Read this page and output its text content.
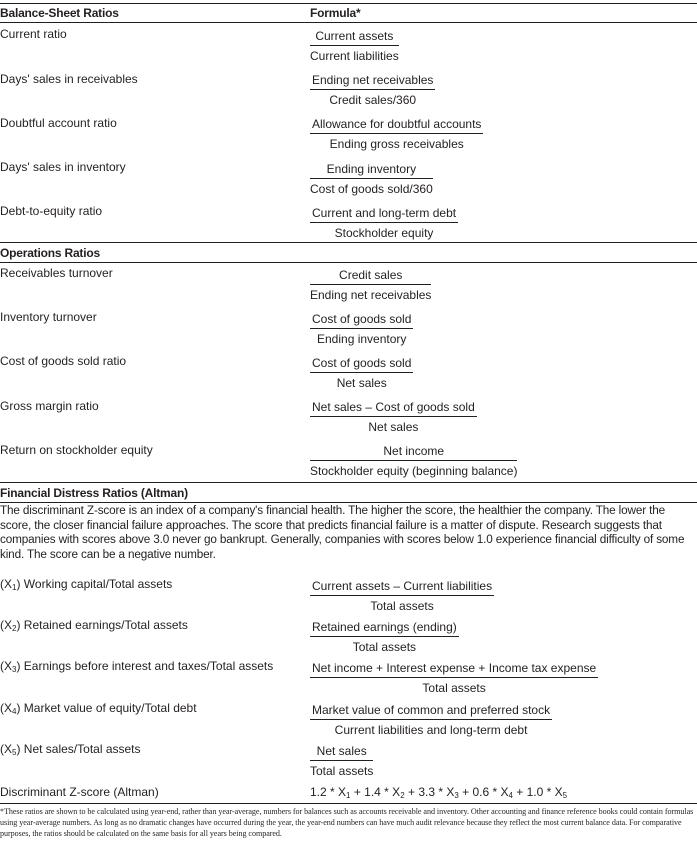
Balance-Sheet Ratios	Formula*
Current ratio	Current assets
Current liabilities
Days' sales in receivables	Ending net receivables
Credit sales/360
Doubtful account ratio	Allowance for doubtful accounts
Ending gross receivables
Days' sales in inventory	Ending inventory
Cost of goods sold/360
Debt-to-equity ratio	Current and long-term debt
Stockholder equity
Operations Ratios
Receivables turnover	Credit sales
Ending net receivables
Inventory turnover	Cost of goods sold
Ending inventory
Cost of goods sold ratio	Cost of goods sold
Net sales
Gross margin ratio	Net sales – Cost of goods sold
Net sales
Return on stockholder equity	Net income
Stockholder equity (beginning balance)
Financial Distress Ratios (Altman)
The discriminant Z-score is an index of a company's financial health. The higher the score, the healthier the company. The lower the score, the closer financial failure approaches. The score that predicts financial failure is a matter of dispute. Research suggests that companies with scores above 3.0 never go bankrupt. Generally, companies with scores below 1.0 experience financial difficulty of some kind. The score can be a negative number.
$(X_1)$ Working capital/Total assets	Current assets – Current liabilities
Total assets
$(X_2)$ Retained earnings/Total assets	Retained earnings (ending)
Total assets
$(X_3)$ Earnings before interest and taxes/Total assets	Net income + Interest expense + Income tax expense
Total assets
$(X_4)$ Market value of equity/Total debt	Market value of common and preferred stock
Current liabilities and long-term debt
$(X_5)$ Net sales/Total assets	Net sales
Total assets
Discriminant Z-score (Altman)	$1.2 * X_1 + 1.4 * X_2 + 3.3 * X_3 + 0.6 * X_4 + 1.0 * X_5$
*These ratios are shown to be calculated using year-end, rather than year-average, numbers for balances such as accounts receivable and inventory. Other accounting and finance reference books could contain formulas using year-average numbers. As long as no dramatic changes have occurred during the year, the year-end numbers can have much audit relevance because they reflect the most current balance data. For comparative purposes, the ratios should be calculated on the same basis for all years being compared.
